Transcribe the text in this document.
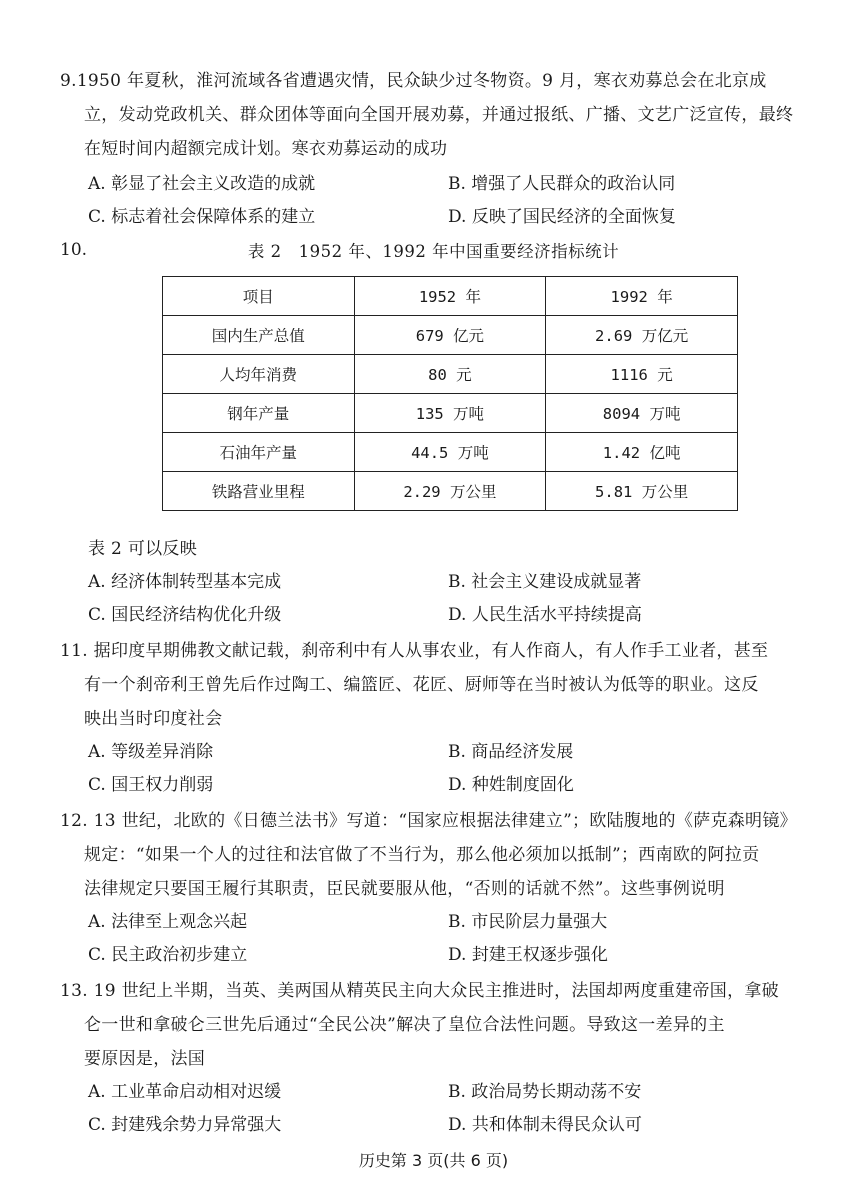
9.1950 年夏秋，淮河流域各省遭遇灾情，民众缺少过冬物资。9 月，寒衣劝募总会在北京成
立，发动党政机关、群众团体等面向全国开展劝募，并通过报纸、广播、文艺广泛宣传，最终
在短时间内超额完成计划。寒衣劝募运动的成功
A. 彰显了社会主义改造的成就	B. 增强了人民群众的政治认同
C. 标志着社会保障体系的建立	D. 反映了国民经济的全面恢复
10.	表 2　1952 年、1992 年中国重要经济指标统计
项目	1952 年	1992 年
国内生产总值	679 亿元	2.69 万亿元
人均年消费	80 元	1116 元
钢年产量	135 万吨	8094 万吨
石油年产量	44.5 万吨	1.42 亿吨
铁路营业里程	2.29 万公里	5.81 万公里
表 2 可以反映
A. 经济体制转型基本完成	B. 社会主义建设成就显著
C. 国民经济结构优化升级	D. 人民生活水平持续提高
11. 据印度早期佛教文献记载，刹帝利中有人从事农业，有人作商人，有人作手工业者，甚至
有一个刹帝利王曾先后作过陶工、编篮匠、花匠、厨师等在当时被认为低等的职业。这反
映出当时印度社会
A. 等级差异消除	B. 商品经济发展
C. 国王权力削弱	D. 种姓制度固化
12. 13 世纪，北欧的《日德兰法书》写道：“国家应根据法律建立”；欧陆腹地的《萨克森明镜》
规定：“如果一个人的过往和法官做了不当行为，那么他必须加以抵制”；西南欧的阿拉贡
法律规定只要国王履行其职责，臣民就要服从他，“否则的话就不然”。这些事例说明
A. 法律至上观念兴起	B. 市民阶层力量强大
C. 民主政治初步建立	D. 封建王权逐步强化
13. 19 世纪上半期，当英、美两国从精英民主向大众民主推进时，法国却两度重建帝国，拿破
仑一世和拿破仑三世先后通过“全民公决”解决了皇位合法性问题。导致这一差异的主
要原因是，法国
A. 工业革命启动相对迟缓	B. 政治局势长期动荡不安
C. 封建残余势力异常强大	D. 共和体制未得民众认可
历史第 3 页(共 6 页)
